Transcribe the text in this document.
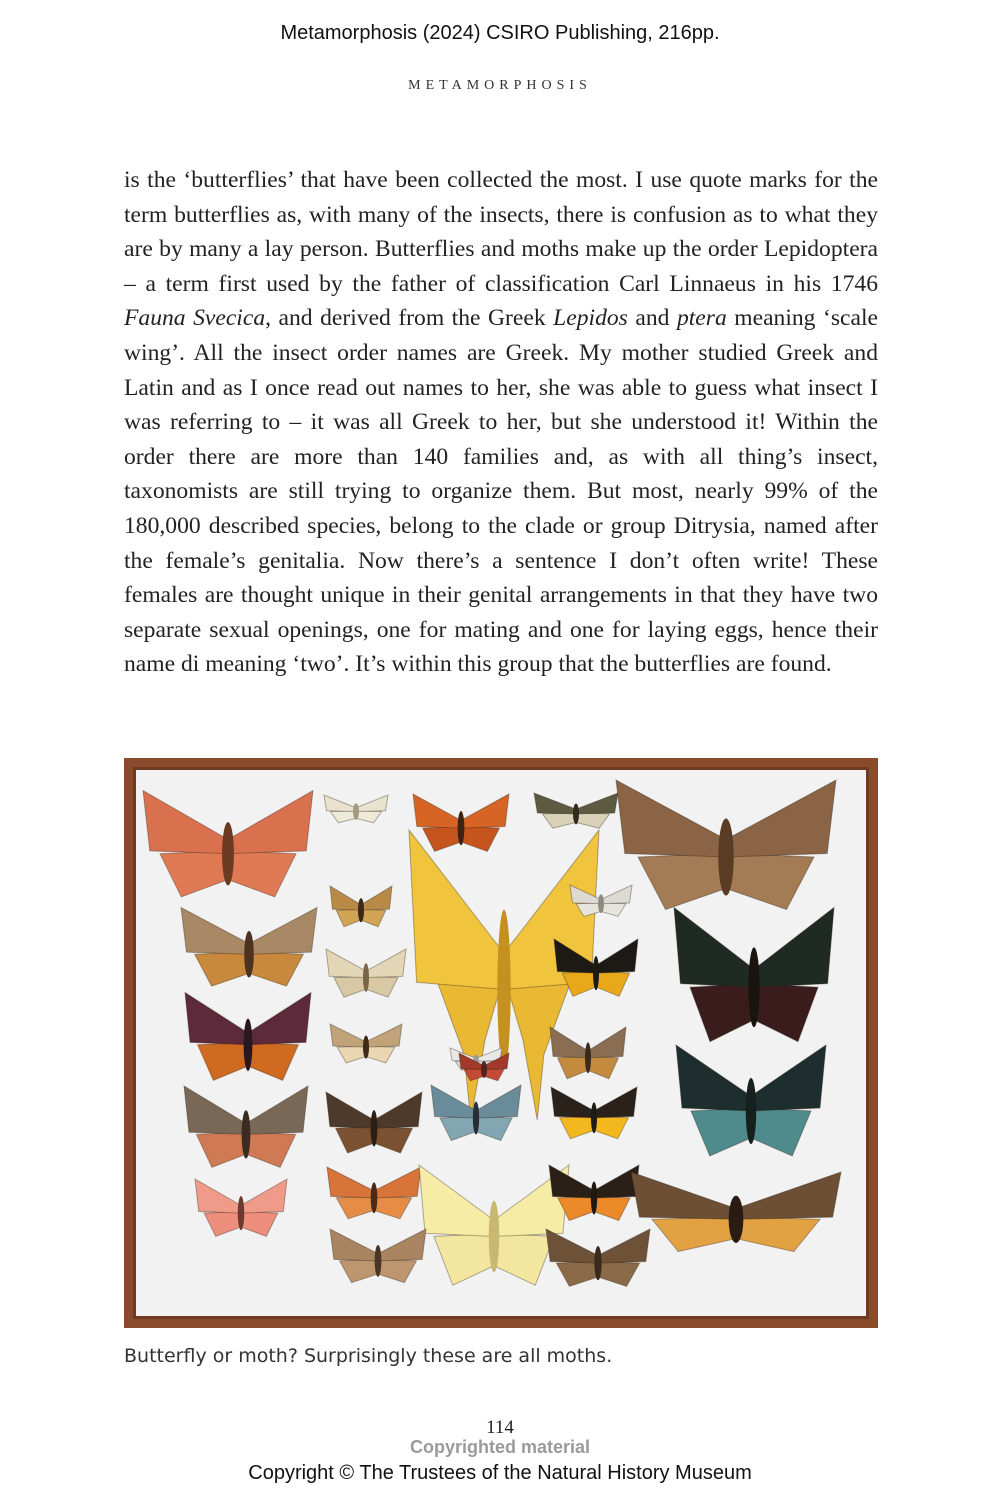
Metamorphosis (2024) CSIRO Publishing, 216pp.
METAMORPHOSIS

is the ‘butterflies’ that have been collected the most. I use quote marks for the term butterflies as, with many of the insects, there is confusion as to what they are by many a lay person. Butterflies and moths make up the order Lepidoptera – a term first used by the father of classification Carl Linnaeus in his 1746 Fauna Svecica, and derived from the Greek Lepidos and ptera meaning ‘scale wing’. All the insect order names are Greek. My mother studied Greek and Latin and as I once read out names to her, she was able to guess what insect I was referring to – it was all Greek to her, but she understood it! Within the order there are more than 140 families and, as with all thing’s insect, taxonomists are still trying to organize them. But most, nearly 99% of the 180,000 described species, belong to the clade or group Ditrysia, named after the female’s genitalia. Now there’s a sentence I don’t often write! These females are thought unique in their genital arrangements in that they have two separate sexual openings, one for mating and one for laying eggs, hence their name di meaning ‘two’. It’s within this group that the butterflies are found.

Butterfly or moth? Surprisingly these are all moths.
114
Copyrighted material
Copyright © The Trustees of the Natural History Museum
